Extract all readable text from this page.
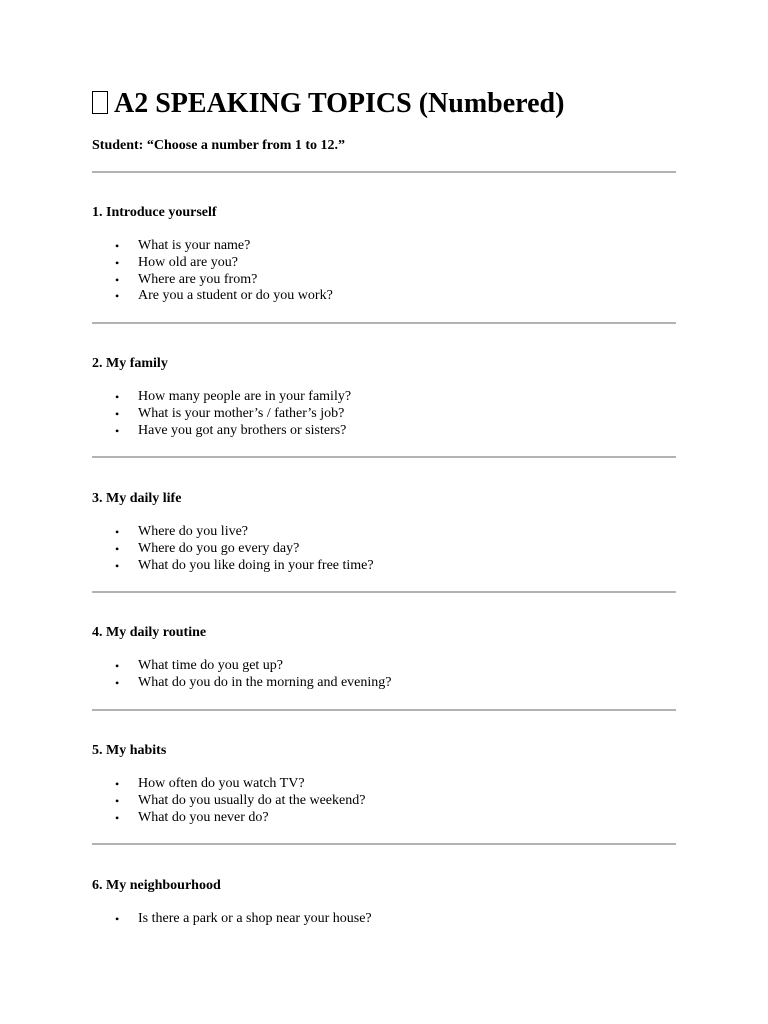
A2 SPEAKING TOPICS (Numbered)

Student: “Choose a number from 1 to 12.”

1. Introduce yourself
• What is your name?
• How old are you?
• Where are you from?
• Are you a student or do you work?
2. My family
• How many people are in your family?
• What is your mother’s / father’s job?
• Have you got any brothers or sisters?
3. My daily life
• Where do you live?
• Where do you go every day?
• What do you like doing in your free time?
4. My daily routine
• What time do you get up?
• What do you do in the morning and evening?
5. My habits
• How often do you watch TV?
• What do you usually do at the weekend?
• What do you never do?
6. My neighbourhood
• Is there a park or a shop near your house?
